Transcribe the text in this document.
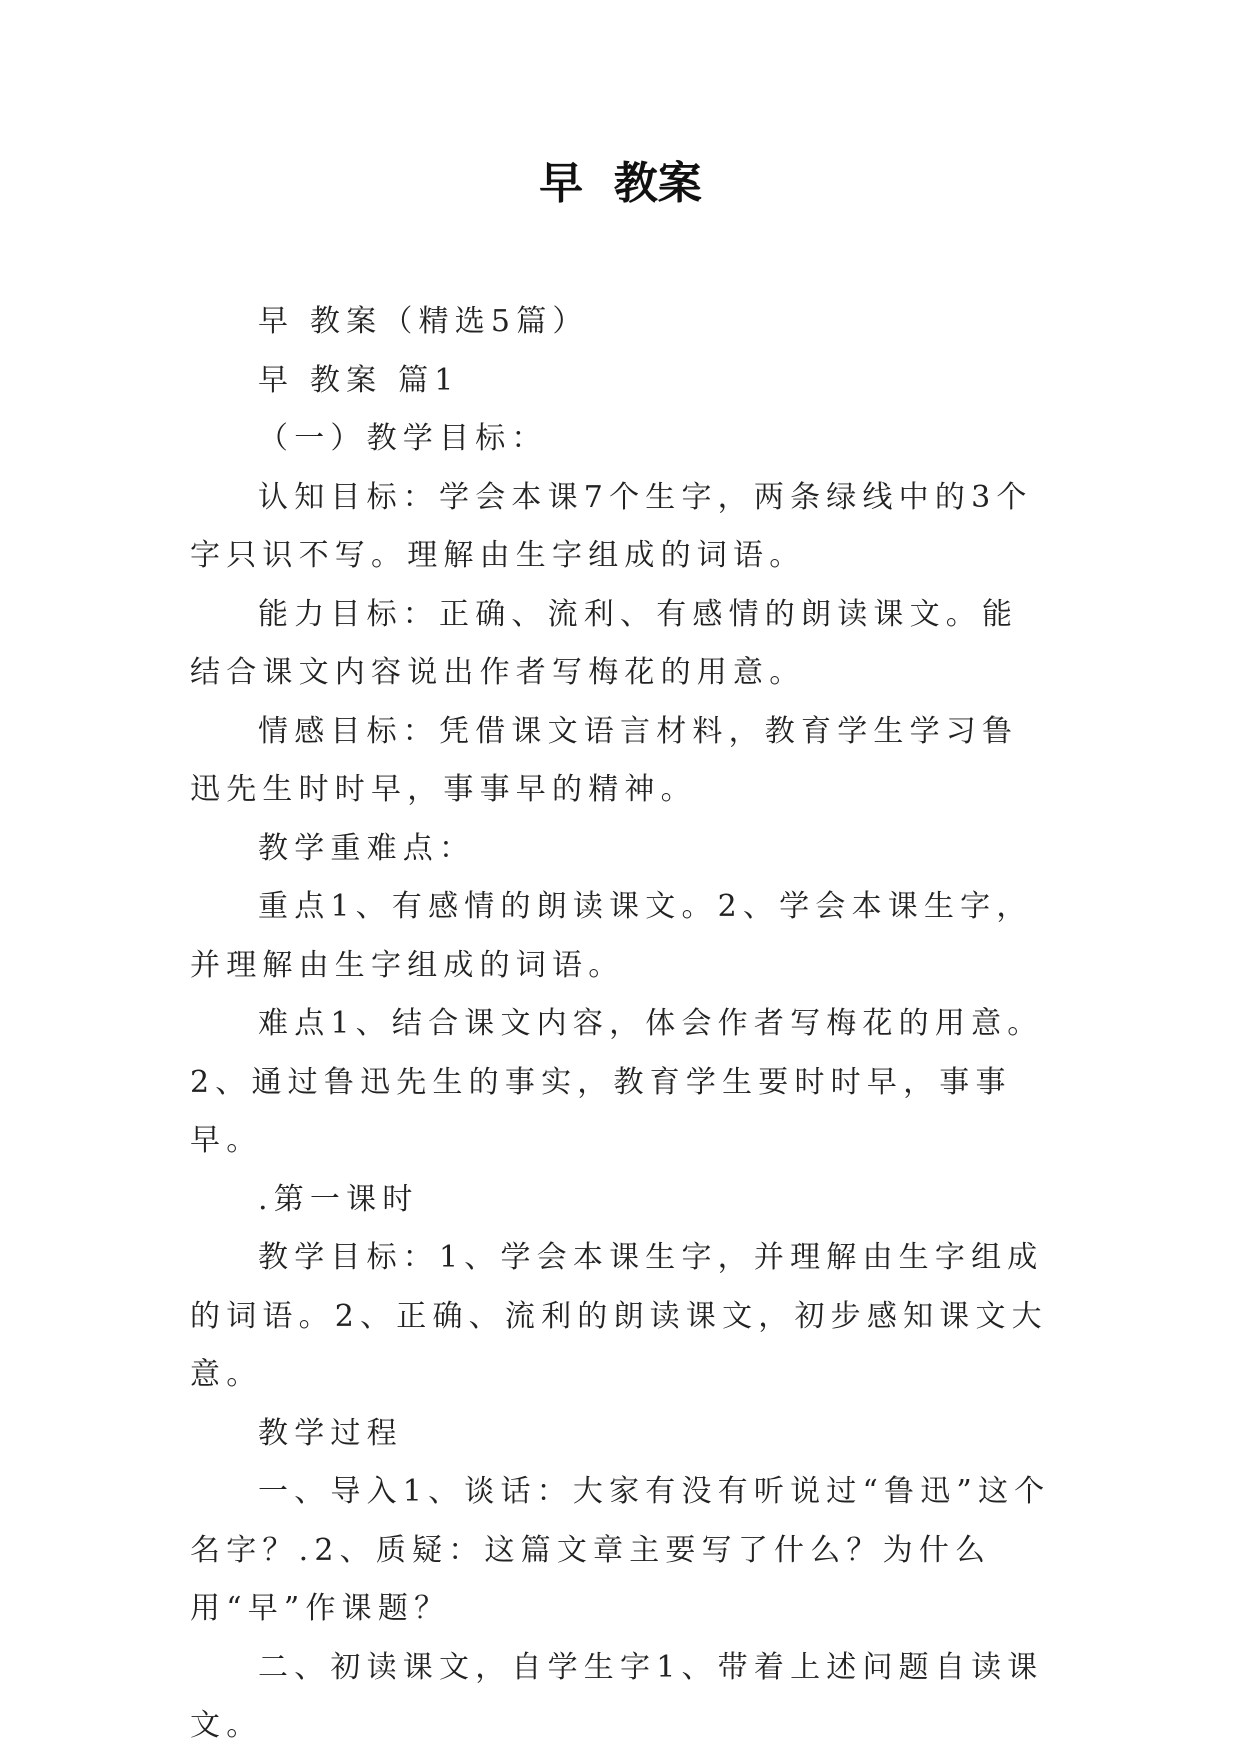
早  教案

早 教案（精选5篇）

早 教案 篇1

（一）教学目标：

认知目标：学会本课7个生字，两条绿线中的3个字只识不写。理解由生字组成的词语。

能力目标：正确、流利、有感情的朗读课文。能结合课文内容说出作者写梅花的用意。

情感目标：凭借课文语言材料，教育学生学习鲁迅先生时时早，事事早的精神。

教学重难点：

重点1、有感情的朗读课文。2、学会本课生字，并理解由生字组成的词语。

难点1、结合课文内容，体会作者写梅花的用意。2、通过鲁迅先生的事实，教育学生要时时早，事事早。

.第一课时

教学目标：1、学会本课生字，并理解由生字组成的词语。2、正确、流利的朗读课文，初步感知课文大意。

教学过程

一、导入1、谈话：大家有没有听说过“鲁迅”这个名字？.2、质疑：这篇文章主要写了什么？为什么用“早”作课题？

二、初读课文，自学生字1、带着上述问题自读课文。
